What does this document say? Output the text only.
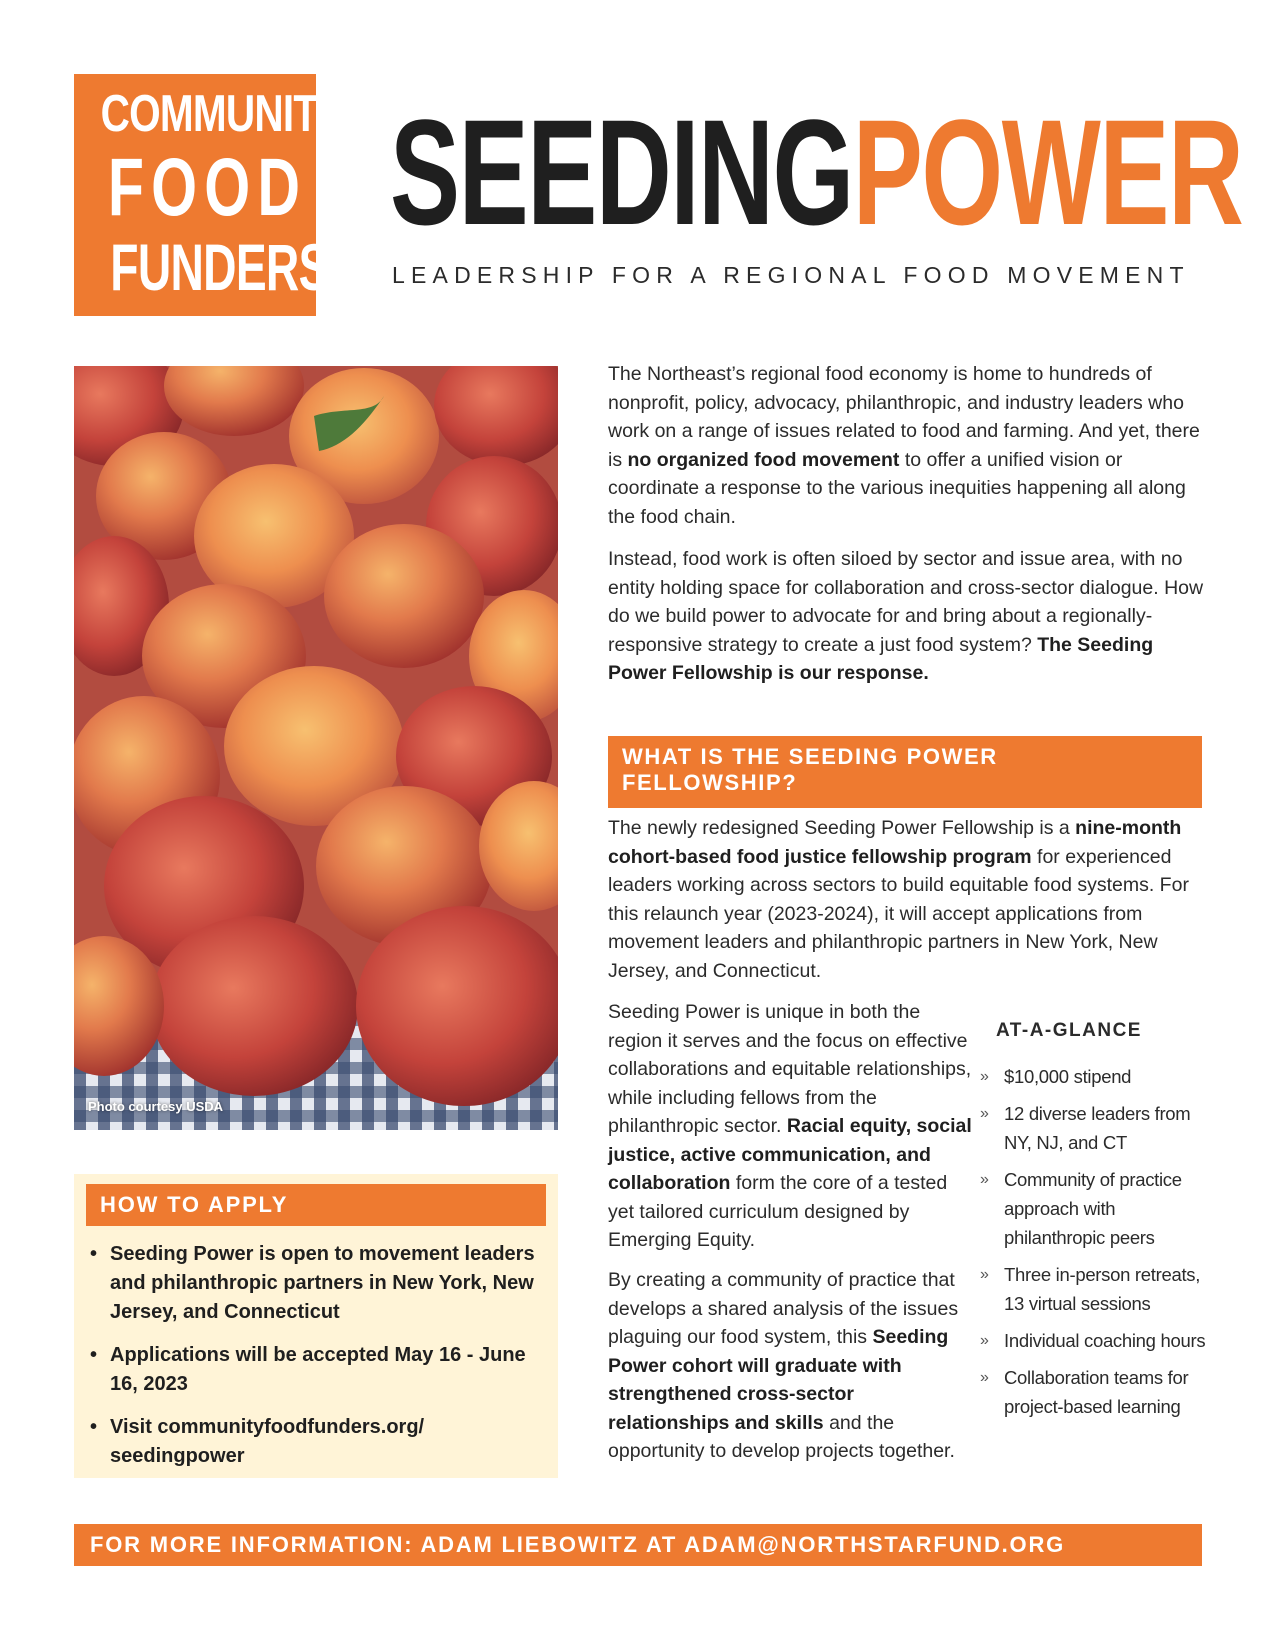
COMMUNITY
FOOD
FUNDERS
SEEDINGPOWER
LEADERSHIP FOR A REGIONAL FOOD MOVEMENT
Photo courtesy USDA
The Northeast’s regional food economy is home to hundreds of nonprofit, policy, advocacy, philanthropic, and industry leaders who work on a range of issues related to food and farming. And yet, there is no organized food movement to offer a unified vision or coordinate a response to the various inequities happening all along the food chain.
Instead, food work is often siloed by sector and issue area, with no entity holding space for collaboration and cross-sector dialogue. How do we build power to advocate for and bring about a regionally-responsive strategy to create a just food system? The Seeding Power Fellowship is our response.
WHAT IS THE SEEDING POWER
FELLOWSHIP?
The newly redesigned Seeding Power Fellowship is a nine-month cohort-based food justice fellowship program for experienced leaders working across sectors to build equitable food systems. For this relaunch year (2023-2024), it will accept applications from movement leaders and philanthropic partners in New York, New Jersey, and Connecticut.
Seeding Power is unique in both the region it serves and the focus on effective collaborations and equitable relationships, while including fellows from the philanthropic sector. Racial equity, social justice, active communication, and collaboration form the core of a tested yet tailored curriculum designed by Emerging Equity.
By creating a community of practice that develops a shared analysis of the issues plaguing our food system, this Seeding Power cohort will graduate with strengthened cross-sector relationships and skills and the opportunity to develop projects together.
AT-A-GLANCE
» $10,000 stipend
» 12 diverse leaders from NY, NJ, and CT
» Community of practice approach with philanthropic peers
» Three in-person retreats, 13 virtual sessions
» Individual coaching hours
» Collaboration teams for project-based learning
HOW TO APPLY
• Seeding Power is open to movement leaders and philanthropic partners in New York, New Jersey, and Connecticut
• Applications will be accepted May 16 - June 16, 2023
• Visit communityfoodfunders.org/ seedingpower
FOR MORE INFORMATION: ADAM LIEBOWITZ AT ADAM@NORTHSTARFUND.ORG
